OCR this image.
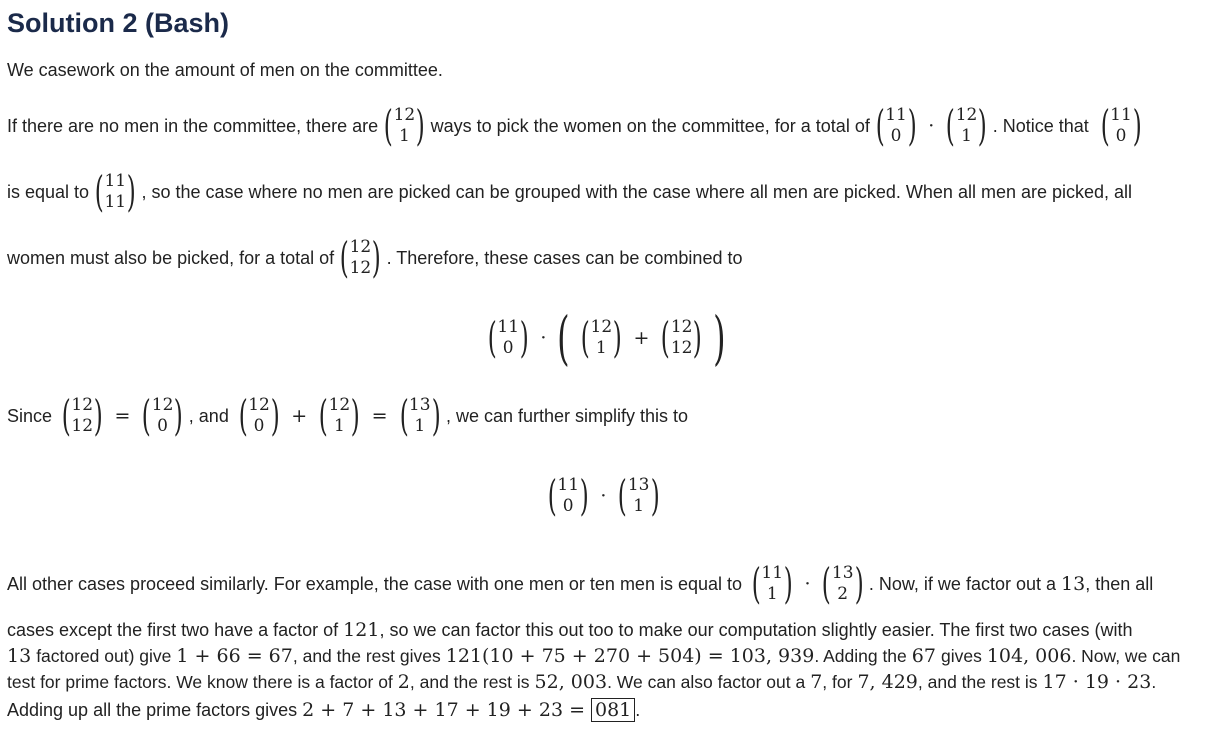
Solution 2 (Bash)
We casework on the amount of men on the committee.
If there are no men in the committee, there are ( 12
1 ) ways to pick the women on the committee, for a total of ( 11
0 ) · ( 12
1 ) . Notice that ( 11
0 )
is equal to ( 11
11 ) , so the case where no men are picked can be grouped with the case where all men are picked. When all men are picked, all
women must also be picked, for a total of ( 12
12 ) . Therefore, these cases can be combined to
( 11
0 ) · ( ( 12
1 ) + ( 12
12 ) )
Since ( 12
12 ) = ( 12
0 ) , and ( 12
0 ) + ( 12
1 ) = ( 13
1 ) , we can further simplify this to
( 11
0 ) · ( 13
1 )
All other cases proceed similarly. For example, the case with one men or ten men is equal to ( 11
1 ) · ( 13
2 ) . Now, if we factor out a 13 , then all
cases except the first two have a factor of 121 , so we can factor this out too to make our computation slightly easier. The first two cases (with
13 factored out) give 1 + 66 = 67 , and the rest gives 121(10 + 75 + 270 + 504) = 103, 939 . Adding the 67 gives 104, 006 . Now, we can
test for prime factors. We know there is a factor of 2 , and the rest is 52, 003 . We can also factor out a 7 , for 7, 429 , and the rest is 17 · 19 · 23 .
Adding up all the prime factors gives 2 + 7 + 13 + 17 + 19 + 23 = 081 .
